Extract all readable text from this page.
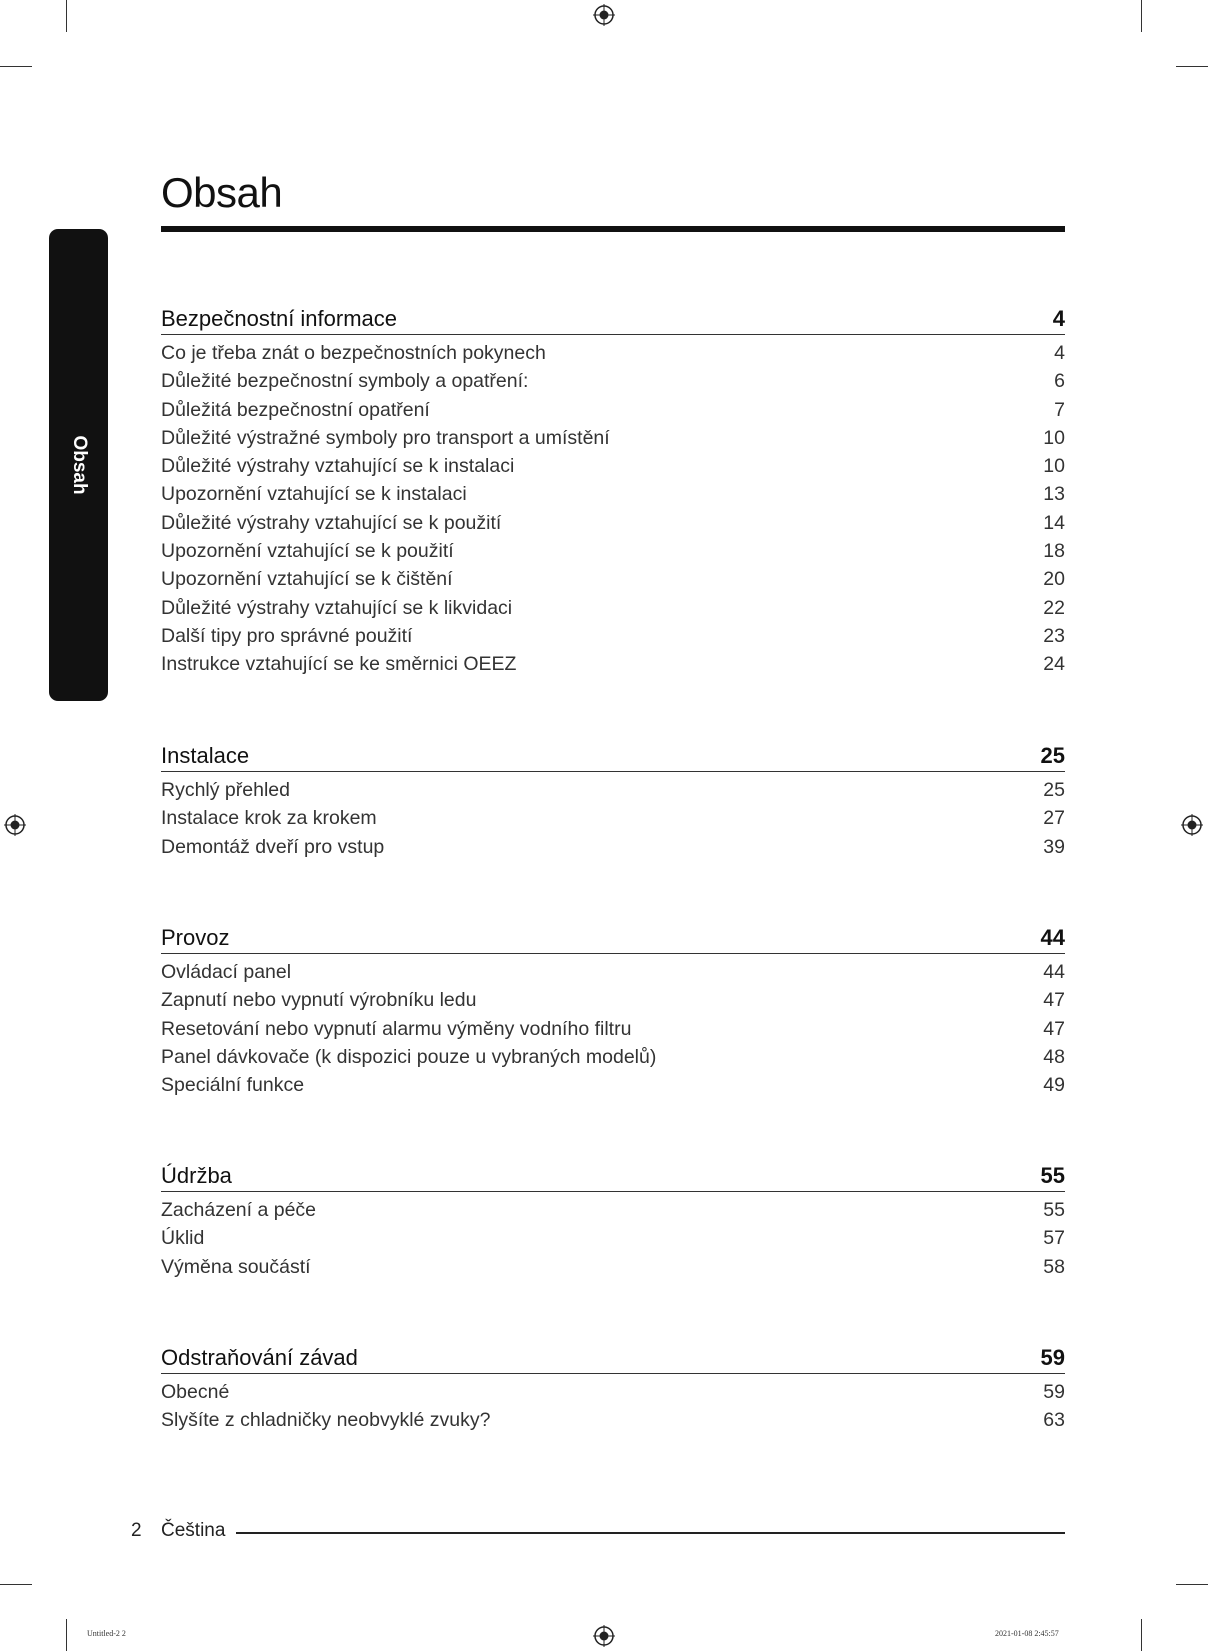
Obsah
Obsah
Bezpečnostní informace	4
Co je třeba znát o bezpečnostních pokynech	4
Důležité bezpečnostní symboly a opatření:	6
Důležitá bezpečnostní opatření	7
Důležité výstražné symboly pro transport a umístění	10
Důležité výstrahy vztahující se k instalaci	10
Upozornění vztahující se k instalaci	13
Důležité výstrahy vztahující se k použití	14
Upozornění vztahující se k použití	18
Upozornění vztahující se k čištění	20
Důležité výstrahy vztahující se k likvidaci	22
Další tipy pro správné použití	23
Instrukce vztahující se ke směrnici OEEZ	24
Instalace	25
Rychlý přehled	25
Instalace krok za krokem	27
Demontáž dveří pro vstup	39
Provoz	44
Ovládací panel	44
Zapnutí nebo vypnutí výrobníku ledu	47
Resetování nebo vypnutí alarmu výměny vodního filtru	47
Panel dávkovače (k dispozici pouze u vybraných modelů)	48
Speciální funkce	49
Údržba	55
Zacházení a péče	55
Úklid	57
Výměna součástí	58
Odstraňování závad	59
Obecné	59
Slyšíte z chladničky neobvyklé zvuky?	63
2 Čeština
Untitled-2 2	2021-01-08 2:45:57
